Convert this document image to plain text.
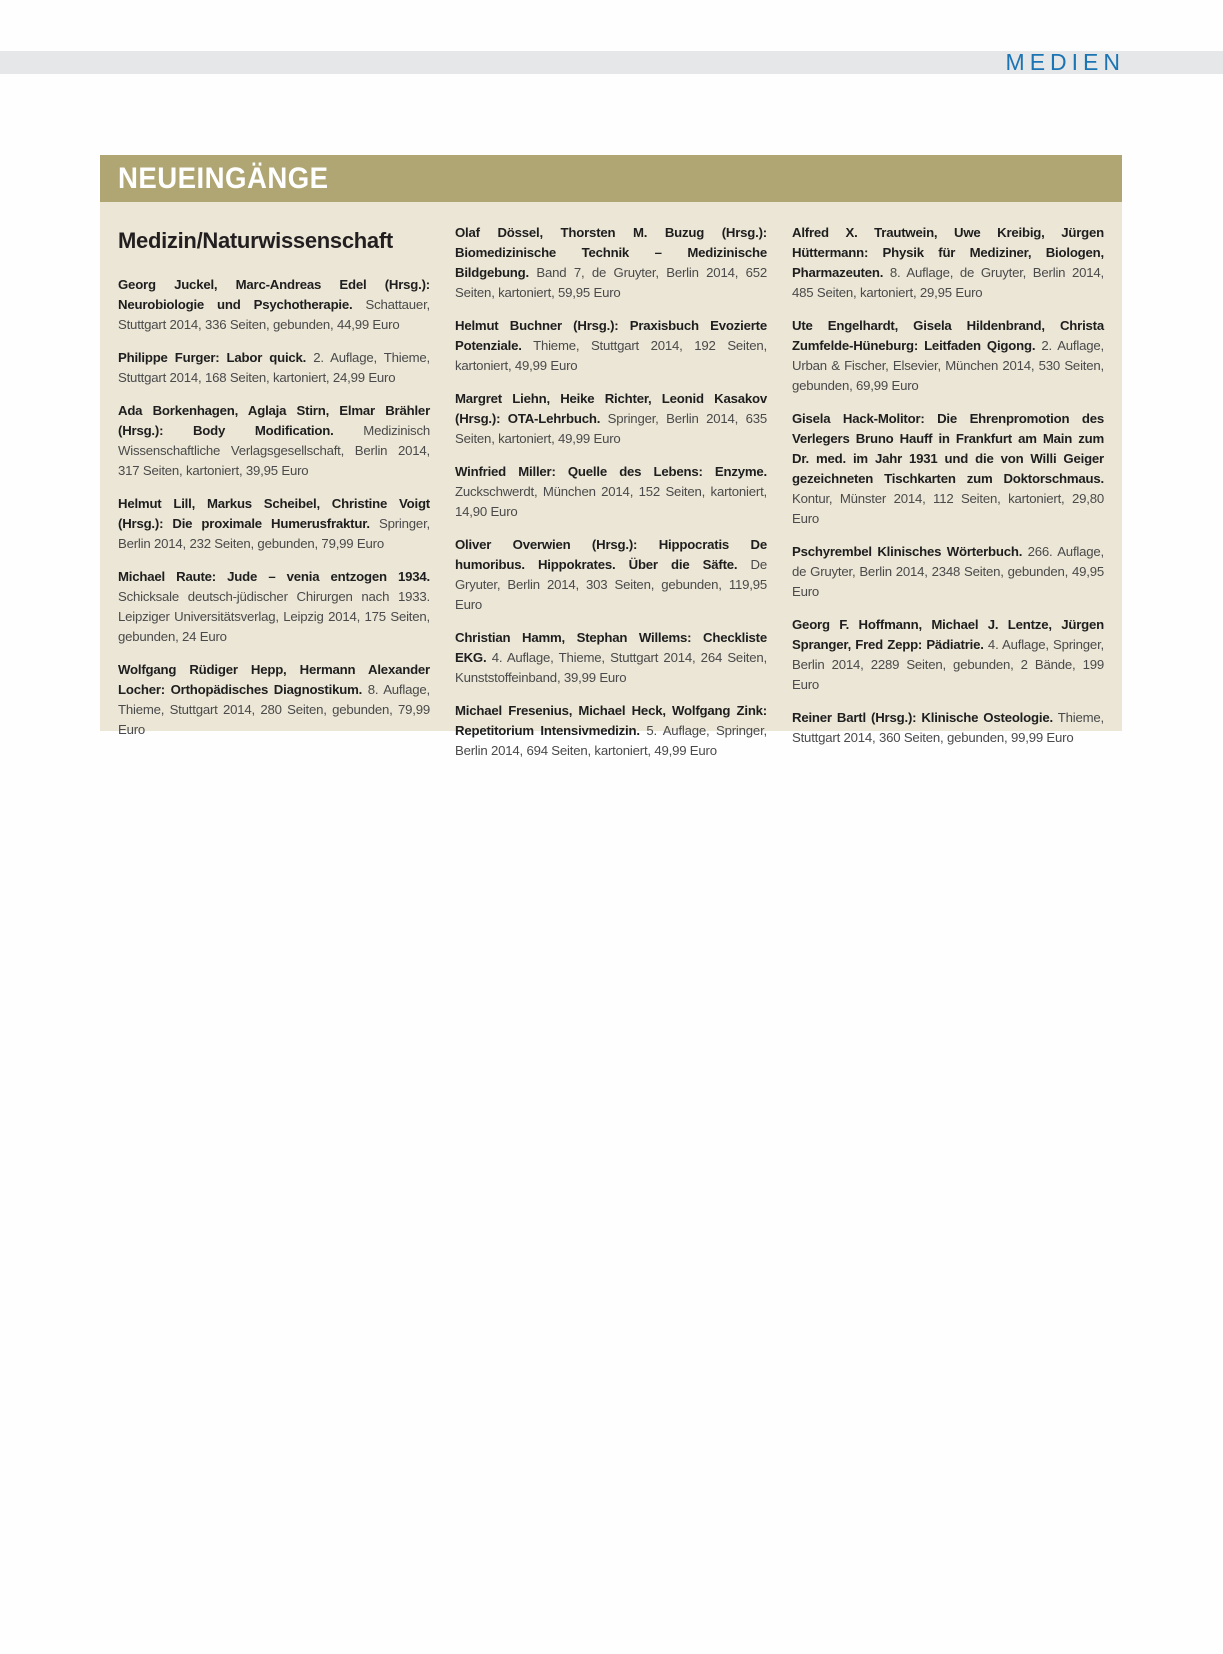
MEDIEN
NEUEINGÄNGE
Medizin/Naturwissenschaft

Georg Juckel, Marc-Andreas Edel (Hrsg.): Neurobiologie und Psychotherapie. Schattauer, Stuttgart 2014, 336 Seiten, gebunden, 44,99 Euro

Philippe Furger: Labor quick. 2. Auflage, Thieme, Stuttgart 2014, 168 Seiten, kartoniert, 24,99 Euro

Ada Borkenhagen, Aglaja Stirn, Elmar Brähler (Hrsg.): Body Modification. Medizinisch Wissenschaftliche Verlagsgesellschaft, Berlin 2014, 317 Seiten, kartoniert, 39,95 Euro

Helmut Lill, Markus Scheibel, Christine Voigt (Hrsg.): Die proximale Humerusfraktur. Springer, Berlin 2014, 232 Seiten, gebunden, 79,99 Euro

Michael Raute: Jude – venia entzogen 1934. Schicksale deutsch-jüdischer Chirurgen nach 1933. Leipziger Universitätsverlag, Leipzig 2014, 175 Seiten, gebunden, 24 Euro

Wolfgang Rüdiger Hepp, Hermann Alexander Locher: Orthopädisches Diagnostikum. 8. Auflage, Thieme, Stuttgart 2014, 280 Seiten, gebunden, 79,99 Euro

Olaf Dössel, Thorsten M. Buzug (Hrsg.): Biomedizinische Technik – Medizinische Bildgebung. Band 7, de Gruyter, Berlin 2014, 652 Seiten, kartoniert, 59,95 Euro

Helmut Buchner (Hrsg.): Praxisbuch Evozierte Potenziale. Thieme, Stuttgart 2014, 192 Seiten, kartoniert, 49,99 Euro

Margret Liehn, Heike Richter, Leonid Kasakov (Hrsg.): OTA-Lehrbuch. Springer, Berlin 2014, 635 Seiten, kartoniert, 49,99 Euro

Winfried Miller: Quelle des Lebens: Enzyme. Zuckschwerdt, München 2014, 152 Seiten, kartoniert, 14,90 Euro

Oliver Overwien (Hrsg.): Hippocratis De humoribus. Hippokrates. Über die Säfte. De Gryuter, Berlin 2014, 303 Seiten, gebunden, 119,95 Euro

Christian Hamm, Stephan Willems: Checkliste EKG. 4. Auflage, Thieme, Stuttgart 2014, 264 Seiten, Kunststoffeinband, 39,99 Euro

Michael Fresenius, Michael Heck, Wolfgang Zink: Repetitorium Intensivmedizin. 5. Auflage, Springer, Berlin 2014, 694 Seiten, kartoniert, 49,99 Euro

Alfred X. Trautwein, Uwe Kreibig, Jürgen Hüttermann: Physik für Mediziner, Biologen, Pharmazeuten. 8. Auflage, de Gruyter, Berlin 2014, 485 Seiten, kartoniert, 29,95 Euro

Ute Engelhardt, Gisela Hildenbrand, Christa Zumfelde-Hüneburg: Leitfaden Qigong. 2. Auflage, Urban & Fischer, Elsevier, München 2014, 530 Seiten, gebunden, 69,99 Euro

Gisela Hack-Molitor: Die Ehrenpromotion des Verlegers Bruno Hauff in Frankfurt am Main zum Dr. med. im Jahr 1931 und die von Willi Geiger gezeichneten Tischkarten zum Doktorschmaus. Kontur, Münster 2014, 112 Seiten, kartoniert, 29,80 Euro

Pschyrembel Klinisches Wörterbuch. 266. Auflage, de Gruyter, Berlin 2014, 2348 Seiten, gebunden, 49,95 Euro

Georg F. Hoffmann, Michael J. Lentze, Jürgen Spranger, Fred Zepp: Pädiatrie. 4. Auflage, Springer, Berlin 2014, 2289 Seiten, gebunden, 2 Bände, 199 Euro

Reiner Bartl (Hrsg.): Klinische Osteologie. Thieme, Stuttgart 2014, 360 Seiten, gebunden, 99,99 Euro
